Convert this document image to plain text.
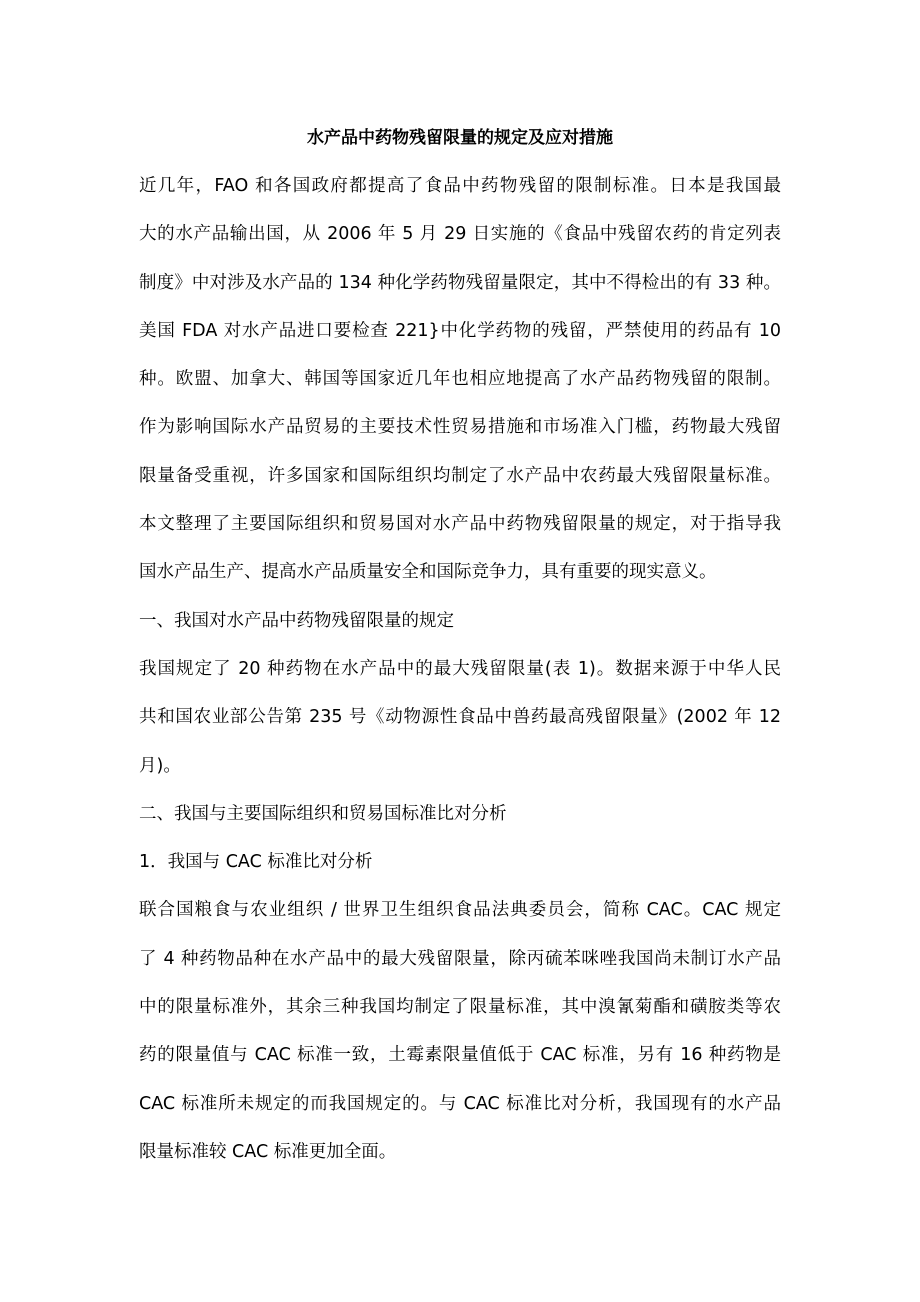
水产品中药物残留限量的规定及应对措施
近几年，FAO 和各国政府都提高了食品中药物残留的限制标准。日本是我国最
大的水产品输出国，从 2006 年 5 月 29 日实施的《食品中残留农药的肯定列表
制度》中对涉及水产品的 134 种化学药物残留量限定，其中不得检出的有 33 种。
美国 FDA 对水产品进口要检查 221}中化学药物的残留，严禁使用的药品有 10
种。欧盟、加拿大、韩国等国家近几年也相应地提高了水产品药物残留的限制。
作为影响国际水产品贸易的主要技术性贸易措施和市场准入门槛，药物最大残留
限量备受重视，许多国家和国际组织均制定了水产品中农药最大残留限量标准。
本文整理了主要国际组织和贸易国对水产品中药物残留限量的规定，对于指导我
国水产品生产、提高水产品质量安全和国际竞争力，具有重要的现实意义。
一、我国对水产品中药物残留限量的规定
我国规定了 20 种药物在水产品中的最大残留限量(表 1)。数据来源于中华人民
共和国农业部公告第 235 号《动物源性食品中兽药最高残留限量》(2002 年 12
月)。
二、我国与主要国际组织和贸易国标准比对分析
1．我国与 CAC 标准比对分析
联合国粮食与农业组织 / 世界卫生组织食品法典委员会，简称 CAC。CAC 规定
了 4 种药物品种在水产品中的最大残留限量，除丙硫苯咪唑我国尚未制订水产品
中的限量标准外，其余三种我国均制定了限量标准，其中溴氰菊酯和磺胺类等农
药的限量值与 CAC 标准一致，土霉素限量值低于 CAC 标准，另有 16 种药物是
CAC 标准所未规定的而我国规定的。与 CAC 标准比对分析，我国现有的水产品
限量标准较 CAC 标准更加全面。
